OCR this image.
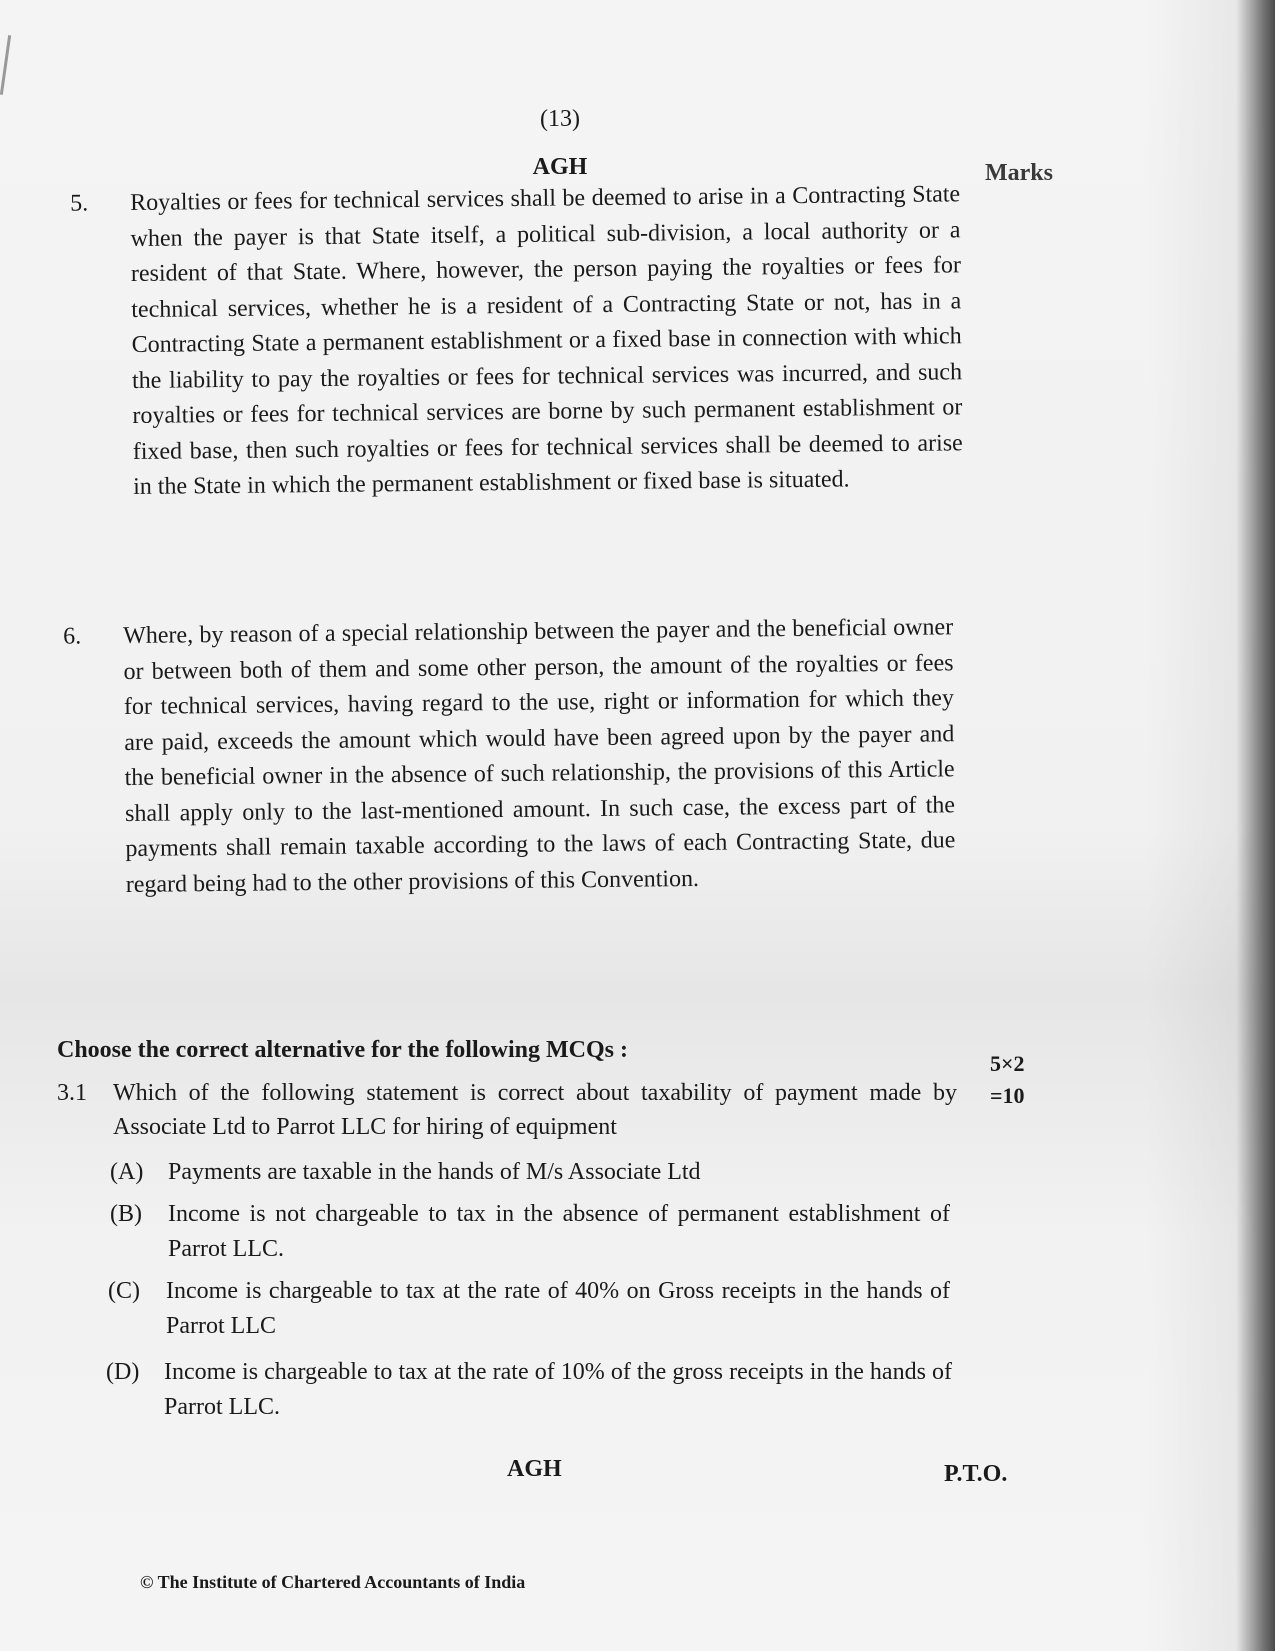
(13)
AGH	Marks
5. Royalties or fees for technical services shall be deemed to arise in a Contracting State when the payer is that State itself, a political sub-division, a local authority or a resident of that State. Where, however, the person paying the royalties or fees for technical services, whether he is a resident of a Contracting State or not, has in a Contracting State a permanent establishment or a fixed base in connection with which the liability to pay the royalties or fees for technical services was incurred, and such royalties or fees for technical services are borne by such permanent establishment or fixed base, then such royalties or fees for technical services shall be deemed to arise in the State in which the permanent establishment or fixed base is situated.
6. Where, by reason of a special relationship between the payer and the beneficial owner or between both of them and some other person, the amount of the royalties or fees for technical services, having regard to the use, right or information for which they are paid, exceeds the amount which would have been agreed upon by the payer and the beneficial owner in the absence of such relationship, the provisions of this Article shall apply only to the last-mentioned amount. In such case, the excess part of the payments shall remain taxable according to the laws of each Contracting State, due regard being had to the other provisions of this Convention.
Choose the correct alternative for the following MCQs :
5×2
=10
3.1 Which of the following statement is correct about taxability of payment made by Associate Ltd to Parrot LLC for hiring of equipment
(A) Payments are taxable in the hands of M/s Associate Ltd
(B) Income is not chargeable to tax in the absence of permanent establishment of Parrot LLC.
(C) Income is chargeable to tax at the rate of 40% on Gross receipts in the hands of Parrot LLC
(D) Income is chargeable to tax at the rate of 10% of the gross receipts in the hands of Parrot LLC.
AGH	P.T.O.
© The Institute of Chartered Accountants of India
